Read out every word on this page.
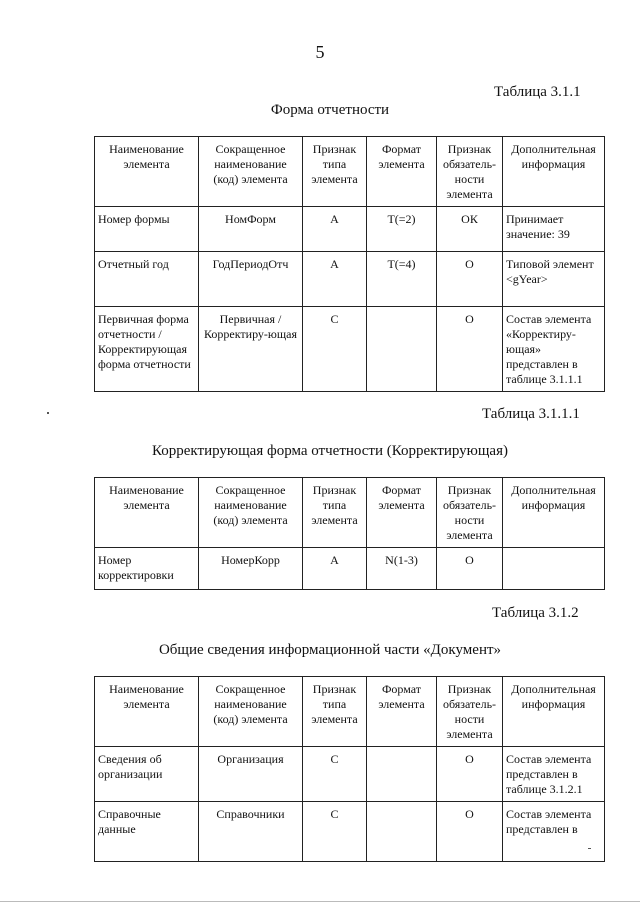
5
Таблица 3.1.1
Форма отчетности
Наименование элемента	Сокращенное наименование (код) элемента	Признак типа элемента	Формат элемента	Признак обязатель-ности элемента	Дополнительная информация
Номер формы	НомФорм	А	Т(=2)	ОК	Принимает значение: 39
Отчетный год	ГодПериодОтч	А	Т(=4)	О	Типовой элемент <gYear>
Первичная форма отчетности / Корректирующая форма отчетности	Первичная / Корректиру-ющая	С		О	Состав элемента «Корректиру-ющая» представлен в таблице 3.1.1.1
Таблица 3.1.1.1
Корректирующая форма отчетности (Корректирующая)
Наименование элемента	Сокращенное наименование (код) элемента	Признак типа элемента	Формат элемента	Признак обязатель-ности элемента	Дополнительная информация
Номер корректировки	НомерКорр	А	N(1-3)	О	
Таблица 3.1.2
Общие сведения информационной части «Документ»
Наименование элемента	Сокращенное наименование (код) элемента	Признак типа элемента	Формат элемента	Признак обязатель-ности элемента	Дополнительная информация
Сведения об организации	Организация	С		О	Состав элемента представлен в таблице 3.1.2.1
Справочные данные	Справочники	С		О	Состав элемента представлен в
